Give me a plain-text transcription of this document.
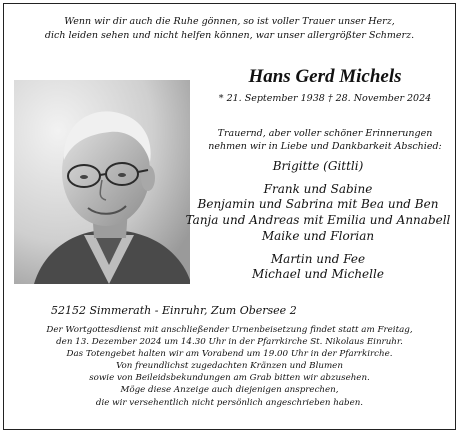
Wenn wir dir auch die Ruhe gönnen, so ist voller Trauer unser Herz,
dich leiden sehen und nicht helfen können, war unser allergrößter Schmerz.
Hans Gerd Michels
* 21. September 1938 † 28. November 2024
Trauernd, aber voller schöner Erinnerungen
nehmen wir in Liebe und Dankbarkeit Abschied:
Brigitte (Gittli)
Frank und Sabine
Benjamin und Sabrina mit Bea und Ben
Tanja und Andreas mit Emilia und Annabell
Maike und Florian
Martin und Fee
Michael und Michelle
52152 Simmerath - Einruhr, Zum Obersee 2
Der Wortgottesdienst mit anschließender Urnenbeisetzung findet statt am Freitag,
den 13. Dezember 2024 um 14.30 Uhr in der Pfarrkirche St. Nikolaus Einruhr.
Das Totengebet halten wir am Vorabend um 19.00 Uhr in der Pfarrkirche.
Von freundlichst zugedachten Kränzen und Blumen
sowie von Beileidsbekundungen am Grab bitten wir abzusehen.
Möge diese Anzeige auch diejenigen ansprechen,
die wir versehentlich nicht persönlich angeschrieben haben.
